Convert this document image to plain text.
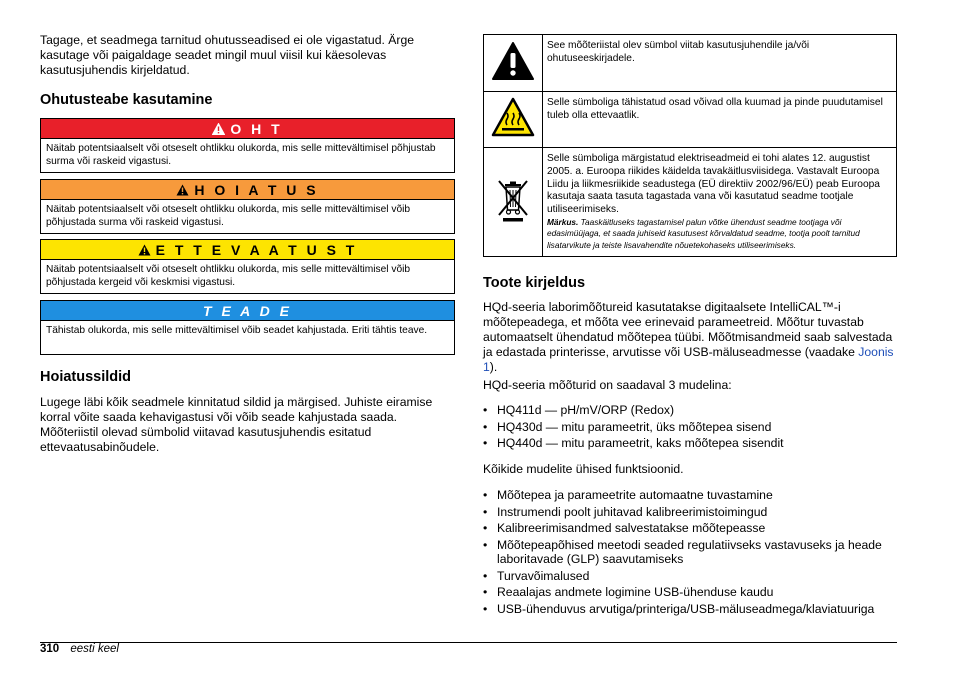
Tagage, et seadmega tarnitud ohutusseadised ei ole vigastatud. Ärge kasutage või paigaldage seadet mingil muul viisil kui käesolevas kasutusjuhendis kirjeldatud.

Ohutusteabe kasutamine
O H T
Näitab potentsiaalselt või otseselt ohtlikku olukorda, mis selle mittevältimisel põhjustab surma või raskeid vigastusi.
H O I A T U S
Näitab potentsiaalselt või otseselt ohtlikku olukorda, mis selle mittevältimisel võib põhjustada surma või raskeid vigastusi.
E T T E V A A T U S T
Näitab potentsiaalselt või otseselt ohtlikku olukorda, mis selle mittevältimisel võib põhjustada kergeid või keskmisi vigastusi.
T E A D E
Tähistab olukorda, mis selle mittevältimisel võib seadet kahjustada. Eriti tähtis teave.
Hoiatussildid

Lugege läbi kõik seadmele kinnitatud sildid ja märgised. Juhiste eiramise korral võite saada kehavigastusi või võib seade kahjustada saada. Mõõteriistil olevad sümbolid viitavad kasutusjuhendis esitatud ettevaatusabinõudele.

	See mõõteriistal olev sümbol viitab kasutusjuhendile ja/või ohutuseeskirjadele.
	Selle sümboliga tähistatud osad võivad olla kuumad ja pinde puudutamisel tuleb olla ettevaatlik.

Selle sümboliga märgistatud elektriseadmeid ei tohi alates 12. augustist 2005. a. Euroopa riikides käidelda tavakäitlusviisidega. Vastavalt Euroopa Liidu ja liikmesriikide seadustega (EÜ direktiiv 2002/96/EÜ) peab Euroopa kasutaja saata tasuta tagastada vana või kasutatud seadme tootjale utiliseerimiseks.
Märkus. Taaskäitluseks tagastamisel palun võtke ühendust seadme tootjaga või edasimüüjaga, et saada juhiseid kasutusest kõrvaldatud seadme, tootja poolt tarnitud lisatarvikute ja teiste lisavahendite nõuetekohaseks utiliseerimiseks.
Toote kirjeldus

HQd-seeria laborimõõtureid kasutatakse digitaalsete IntelliCAL™-i mõõtepeadega, et mõõta vee erinevaid parameetreid. Mõõtur tuvastab automaatselt ühendatud mõõtepea tüübi. Mõõtmisandmeid saab salvestada ja edastada printerisse, arvutisse või USB-mäluseadmesse (vaadake Joonis 1).

HQd-seeria mõõturid on saadaval 3 mudelina:

• HQ411d — pH/mV/ORP (Redox)
• HQ430d — mitu parameetrit, üks mõõtepea sisend
• HQ440d — mitu parameetrit, kaks mõõtepea sisendit

Kõikide mudelite ühised funktsioonid.

• Mõõtepea ja parameetrite automaatne tuvastamine
• Instrumendi poolt juhitavad kalibreerimistoimingud
• Kalibreerimisandmed salvestatakse mõõtepeasse
• Mõõtepeapõhised meetodi seaded regulatiivseks vastavuseks ja heade laboritavade (GLP) saavutamiseks
• Turvavõimalused
• Reaalajas andmete logimine USB-ühenduse kaudu
• USB-ühenduvus arvutiga/printeriga/USB-mäluseadmega/klaviatuuriga
310 eesti keel
